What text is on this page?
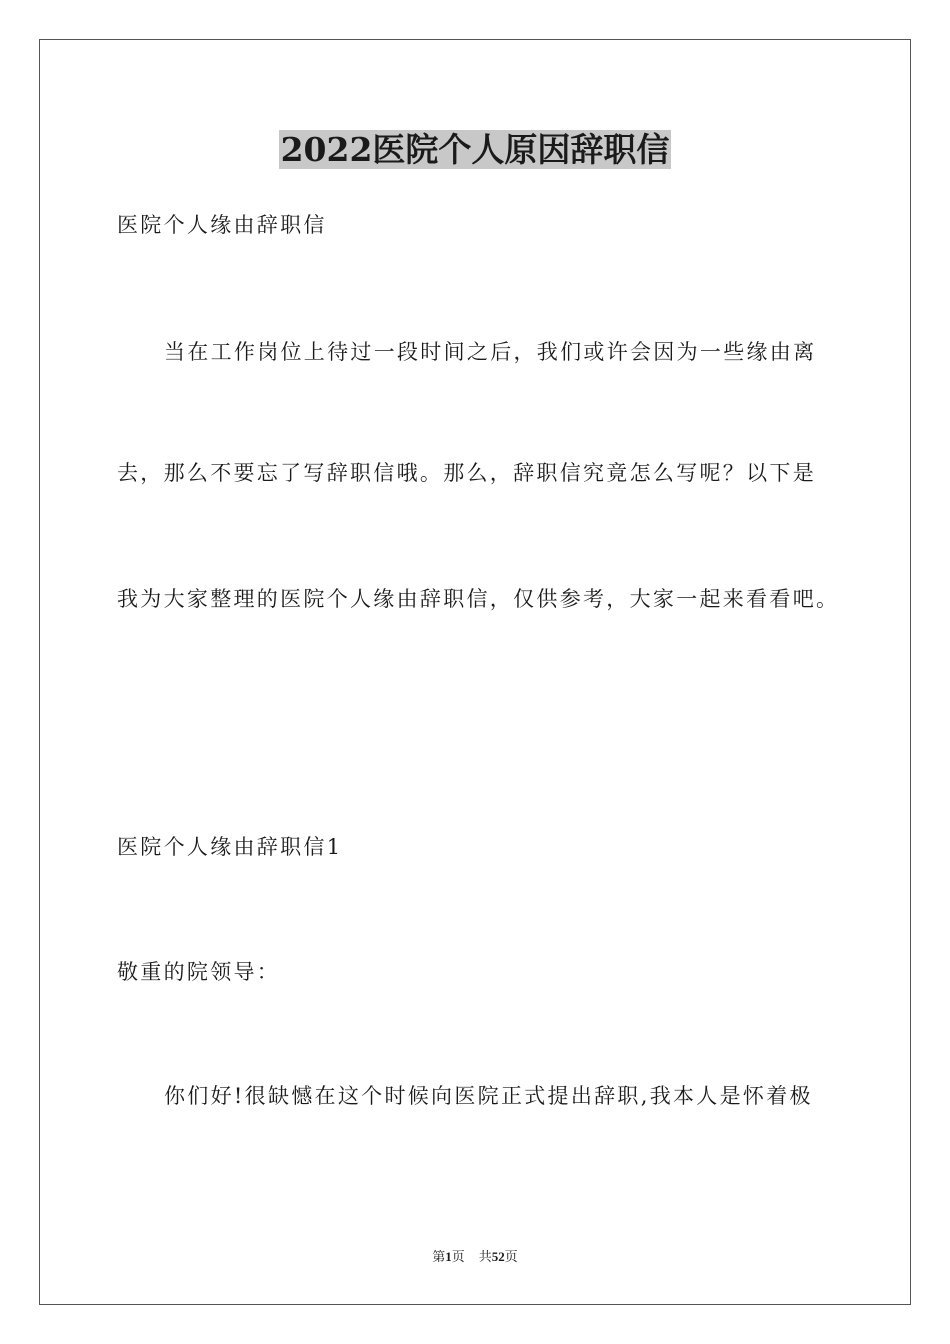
2022医院个人原因辞职信
医院个人缘由辞职信
当在工作岗位上待过一段时间之后，我们或许会因为一些缘由离
去，那么不要忘了写辞职信哦。那么，辞职信究竟怎么写呢？以下是
我为大家整理的医院个人缘由辞职信，仅供参考，大家一起来看看吧。
医院个人缘由辞职信1
敬重的院领导：
你们好!很缺憾在这个时候向医院正式提出辞职,我本人是怀着极
第1页 共52页
